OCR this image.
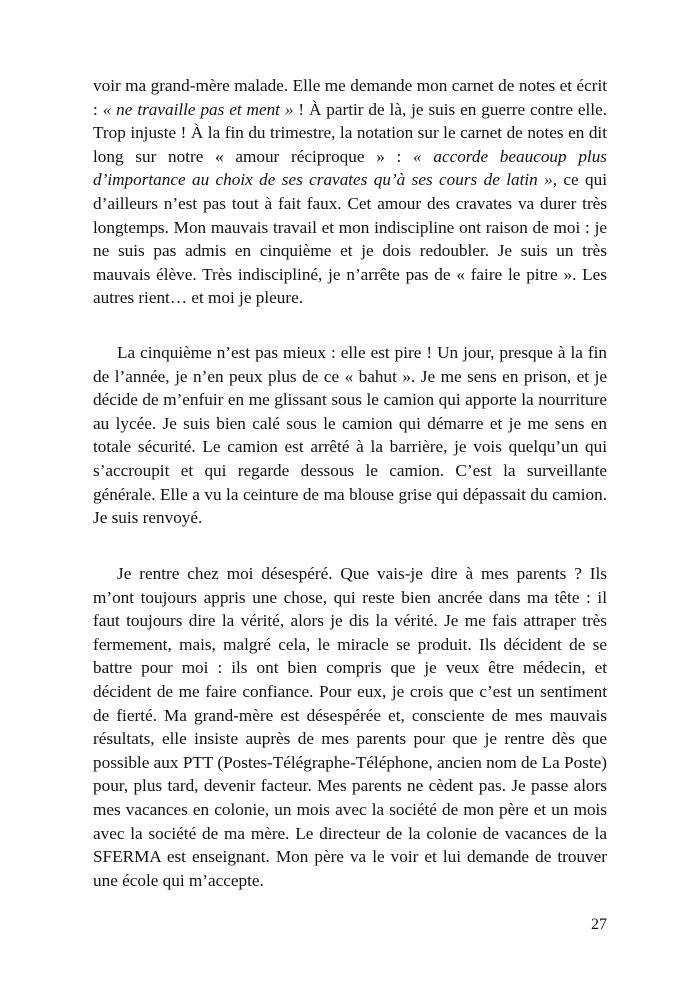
voir ma grand-mère malade. Elle me demande mon carnet de notes et écrit : « ne travaille pas et ment » ! À partir de là, je suis en guerre contre elle. Trop injuste ! À la fin du trimestre, la notation sur le carnet de notes en dit long sur notre « amour réciproque » : « accorde beaucoup plus d’importance au choix de ses cravates qu’à ses cours de latin », ce qui d’ailleurs n’est pas tout à fait faux. Cet amour des cravates va durer très longtemps. Mon mauvais travail et mon indiscipline ont raison de moi : je ne suis pas admis en cinquième et je dois redoubler. Je suis un très mauvais élève. Très indiscipliné, je n’arrête pas de « faire le pitre ». Les autres rient… et moi je pleure.

La cinquième n’est pas mieux : elle est pire ! Un jour, presque à la fin de l’année, je n’en peux plus de ce « bahut ». Je me sens en prison, et je décide de m’enfuir en me glissant sous le camion qui apporte la nourriture au lycée. Je suis bien calé sous le camion qui démarre et je me sens en totale sécurité. Le camion est arrêté à la barrière, je vois quelqu’un qui s’accroupit et qui regarde dessous le camion. C’est la surveillante générale. Elle a vu la ceinture de ma blouse grise qui dépassait du camion. Je suis renvoyé.

Je rentre chez moi désespéré. Que vais-je dire à mes parents ? Ils m’ont toujours appris une chose, qui reste bien ancrée dans ma tête : il faut toujours dire la vérité, alors je dis la vérité. Je me fais attraper très fermement, mais, malgré cela, le miracle se produit. Ils décident de se battre pour moi : ils ont bien compris que je veux être médecin, et décident de me faire confiance. Pour eux, je crois que c’est un sentiment de fierté. Ma grand-mère est désespérée et, consciente de mes mauvais résultats, elle insiste auprès de mes parents pour que je rentre dès que possible aux PTT (Postes-Télégraphe-Téléphone, ancien nom de La Poste) pour, plus tard, devenir facteur. Mes parents ne cèdent pas. Je passe alors mes vacances en colonie, un mois avec la société de mon père et un mois avec la société de ma mère. Le directeur de la colonie de vacances de la SFERMA est enseignant. Mon père va le voir et lui demande de trouver une école qui m’accepte.

27
